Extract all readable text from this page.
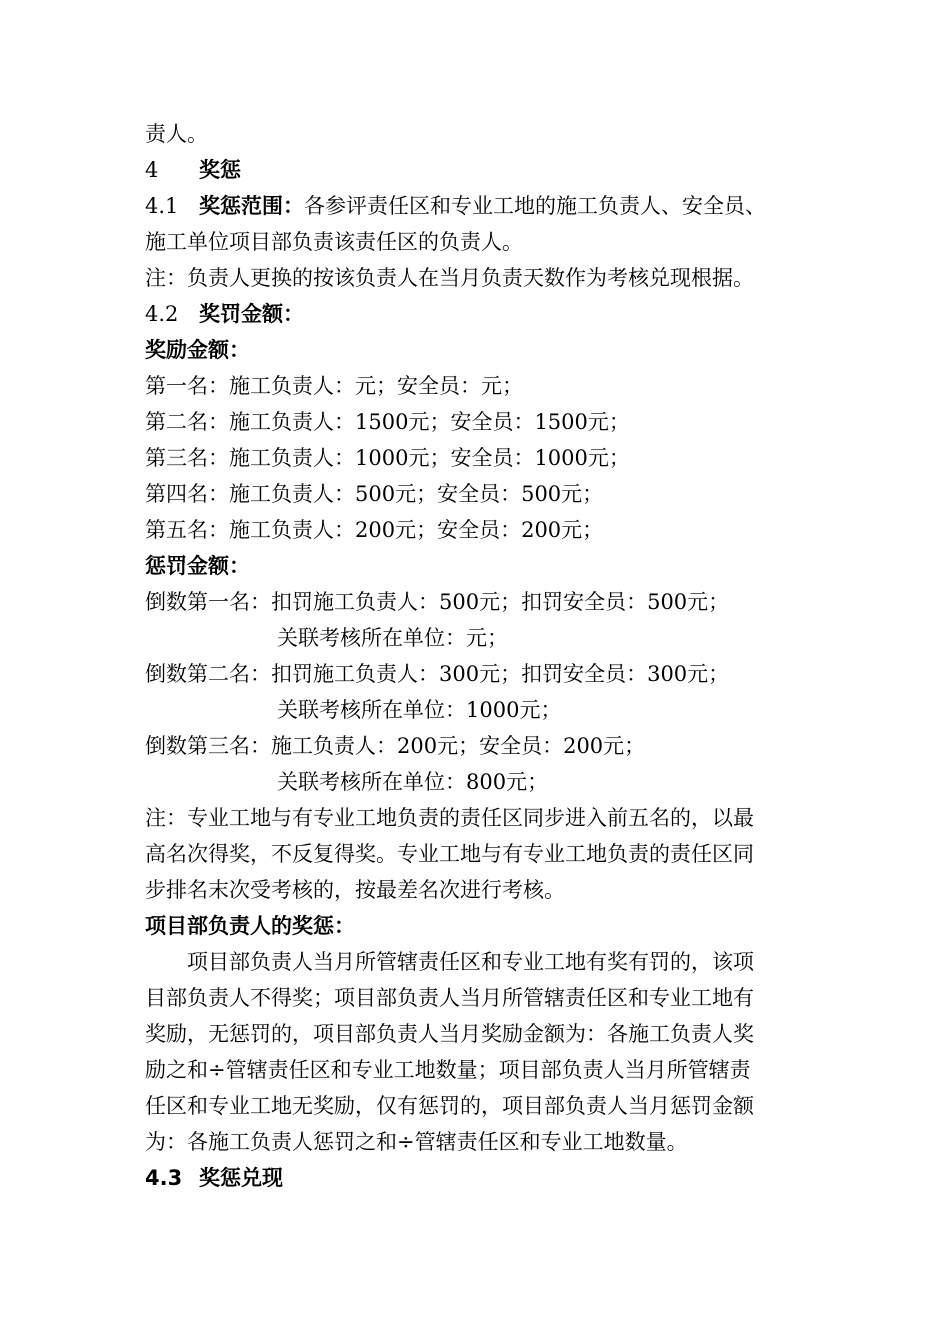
责人。
4 奖惩
4.1 奖惩范围：各参评责任区和专业工地的施工负责人、安全员、
施工单位项目部负责该责任区的负责人。
注：负责人更换的按该负责人在当月负责天数作为考核兑现根据。
4.2 奖罚金额：
奖励金额：
第一名：施工负责人：元；安全员：元；
第二名：施工负责人：1500元；安全员：1500元；
第三名：施工负责人：1000元；安全员：1000元；
第四名：施工负责人：500元；安全员：500元；
第五名：施工负责人：200元；安全员：200元；
惩罚金额：
倒数第一名：扣罚施工负责人：500元；扣罚安全员：500元；
关联考核所在单位：元；
倒数第二名：扣罚施工负责人：300元；扣罚安全员：300元；
关联考核所在单位：1000元；
倒数第三名：施工负责人：200元；安全员：200元；
关联考核所在单位：800元；
注：专业工地与有专业工地负责的责任区同步进入前五名的，以最
高名次得奖，不反复得奖。专业工地与有专业工地负责的责任区同
步排名末次受考核的，按最差名次进行考核。
项目部负责人的奖惩：
项目部负责人当月所管辖责任区和专业工地有奖有罚的，该项
目部负责人不得奖；项目部负责人当月所管辖责任区和专业工地有
奖励，无惩罚的，项目部负责人当月奖励金额为：各施工负责人奖
励之和÷管辖责任区和专业工地数量；项目部负责人当月所管辖责
任区和专业工地无奖励，仅有惩罚的，项目部负责人当月惩罚金额
为：各施工负责人惩罚之和÷管辖责任区和专业工地数量。
4.3 奖惩兑现
